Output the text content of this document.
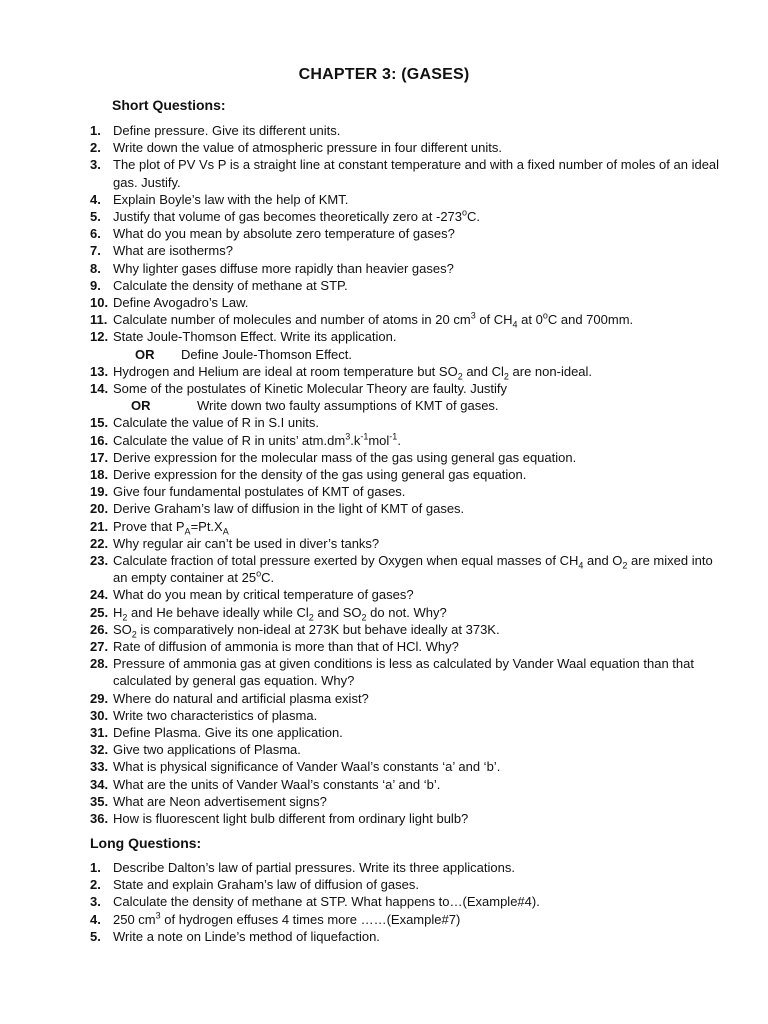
CHAPTER 3: (GASES)
Short Questions:
1. Define pressure. Give its different units.
2. Write down the value of atmospheric pressure in four different units.
3. The plot of PV Vs P is a straight line at constant temperature and with a fixed number of moles of an ideal gas. Justify.
4. Explain Boyle’s law with the help of KMT.
5. Justify that volume of gas becomes theoretically zero at -273$^o$C.
6. What do you mean by absolute zero temperature of gases?
7. What are isotherms?
8. Why lighter gases diffuse more rapidly than heavier gases?
9. Calculate the density of methane at STP.
10. Define Avogadro’s Law.
11. Calculate number of molecules and number of atoms in 20 $cm^3$ of $CH_4$ at 0$^o$C and 700mm.
12. State Joule-Thomson Effect. Write its application.
OR Define Joule-Thomson Effect.
13. Hydrogen and Helium are ideal at room temperature but $SO_2$ and $Cl_2$ are non-ideal.
14. Some of the postulates of Kinetic Molecular Theory are faulty. Justify
OR	Write down two faulty assumptions of KMT of gases.
15. Calculate the value of R in S.I units.
16. Calculate the value of R in units’ $atm.dm^3.k^{-1}mol^{-1}$.
17. Derive expression for the molecular mass of the gas using general gas equation.
18. Derive expression for the density of the gas using general gas equation.
19. Give four fundamental postulates of KMT of gases.
20. Derive Graham’s law of diffusion in the light of KMT of gases.
21. Prove that $P_A=Pt.X_A$
22. Why regular air can’t be used in diver’s tanks?
23. Calculate fraction of total pressure exerted by Oxygen when equal masses of $CH_4$ and $O_2$ are mixed into an empty container at 25$^o$C.
24. What do you mean by critical temperature of gases?
25. $H_2$ and He behave ideally while $Cl_2$ and $SO_2$ do not. Why?
26. $SO_2$ is comparatively non-ideal at 273K but behave ideally at 373K.
27. Rate of diffusion of ammonia is more than that of HCl. Why?
28. Pressure of ammonia gas at given conditions is less as calculated by Vander Waal equation than that calculated by general gas equation. Why?
29. Where do natural and artificial plasma exist?
30. Write two characteristics of plasma.
31. Define Plasma. Give its one application.
32. Give two applications of Plasma.
33. What is physical significance of Vander Waal’s constants ‘a’ and ‘b’.
34. What are the units of Vander Waal’s constants ‘a’ and ‘b’.
35. What are Neon advertisement signs?
36. How is fluorescent light bulb different from ordinary light bulb?
Long Questions:
1. Describe Dalton’s law of partial pressures. Write its three applications.
2. State and explain Graham’s law of diffusion of gases.
3. Calculate the density of methane at STP. What happens to…(Example#4).
4. 250 $cm^3$ of hydrogen effuses 4 times more ……(Example#7)
5. Write a note on Linde’s method of liquefaction.
